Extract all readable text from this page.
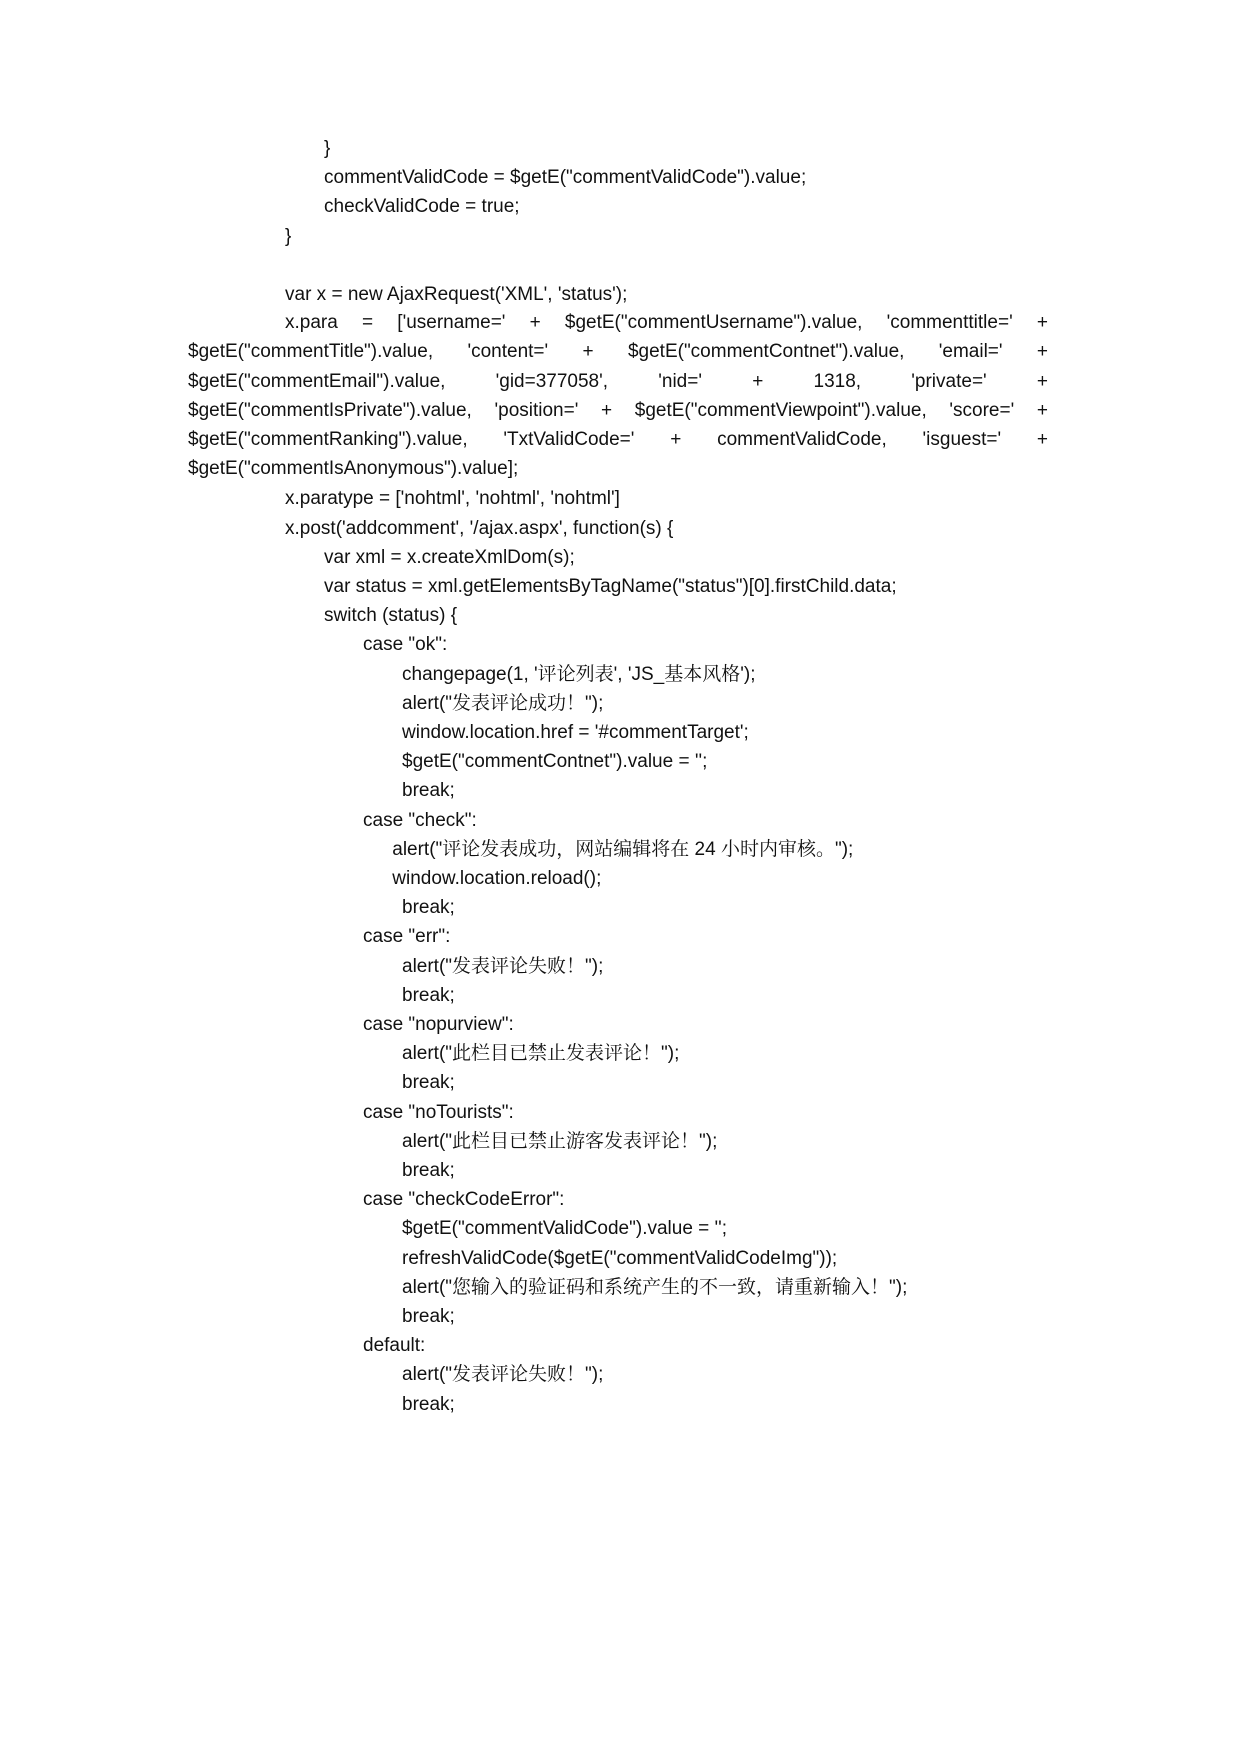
}
commentValidCode = $getE("commentValidCode").value;
checkValidCode = true;
}
var x = new AjaxRequest('XML', 'status');
x.paratype = ['nohtml', 'nohtml', 'nohtml']
x.post('addcomment', '/ajax.aspx', function(s) {
var xml = x.createXmlDom(s);
var status = xml.getElementsByTagName("status")[0].firstChild.data;
switch (status) {
case "ok":
changepage(1, '评论列表', 'JS_基本风格');
alert("发表评论成功！");
window.location.href = '#commentTarget';
$getE("commentContnet").value = '';
break;
case "check":
alert("评论发表成功，网站编辑将在 24 小时内审核。");
window.location.reload();
break;
case "err":
alert("发表评论失败！");
break;
case "nopurview":
alert("此栏目已禁止发表评论！");
break;
case "noTourists":
alert("此栏目已禁止游客发表评论！");
break;
case "checkCodeError":
$getE("commentValidCode").value = '';
refreshValidCode($getE("commentValidCodeImg"));
alert("您输入的验证码和系统产生的不一致，请重新输入！");
break;
default:
alert("发表评论失败！");
break;
x.para = ['username=' + $getE("commentUsername").value, 'commenttitle=' + $getE("commentTitle").value, 'content=' + $getE("commentContnet").value, 'email=' + $getE("commentEmail").value, 'gid=377058', 'nid=' + 1318, 'private=' + $getE("commentIsPrivate").value, 'position=' + $getE("commentViewpoint").value, 'score=' + $getE("commentRanking").value, 'TxtValidCode=' + commentValidCode, 'isguest=' + $getE("commentIsAnonymous").value];
